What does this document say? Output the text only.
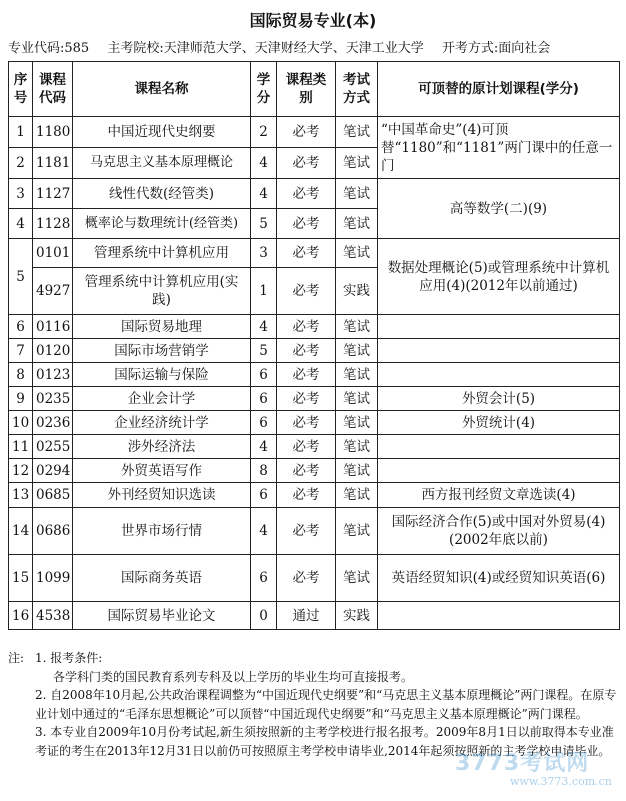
国际贸易专业(本)
专业代码:585 主考院校:天津师范大学、天津财经大学、天津工业大学 开考方式:面向社会
序号	课程代码	课程名称	学分	课程类别	考试方式	可顶替的原计划课程(学分)
1	1180	中国近现代史纲要	2	必考	笔试	“中国革命史”(4)可顶替“1180”和“1181”两门课中的任意一门
2	1181	马克思主义基本原理概论	4	必考	笔试	
3	1127	线性代数(经管类)	4	必考	笔试	高等数学(二)(9)
4	1128	概率论与数理统计(经管类)	5	必考	笔试	
5	0101	管理系统中计算机应用	3	必考	笔试	数据处理概论(5)或管理系统中计算机应用(4)(2012年以前通过)
	4927	管理系统中计算机应用(实践)	1	必考	实践	
6	0116	国际贸易地理	4	必考	笔试	
7	0120	国际市场营销学	5	必考	笔试	
8	0123	国际运输与保险	6	必考	笔试	
9	0235	企业会计学	6	必考	笔试	外贸会计(5)
10	0236	企业经济统计学	6	必考	笔试	外贸统计(4)
11	0255	涉外经济法	4	必考	笔试	
12	0294	外贸英语写作	8	必考	笔试	
13	0685	外刊经贸知识选读	6	必考	笔试	西方报刊经贸文章选读(4)
14	0686	世界市场行情	4	必考	笔试	国际经济合作(5)或中国对外贸易(4)(2002年底以前)
15	1099	国际商务英语	6	必考	笔试	英语经贸知识(4)或经贸知识英语(6)
16	4538	国际贸易毕业论文	0	通过	实践	
注: 1. 报考条件:
各学科门类的国民教育系列专科及以上学历的毕业生均可直接报考。
2. 自2008年10月起,公共政治课程调整为“中国近现代史纲要”和“马克思主义基本原理概论”两门课程。在原专业计划中通过的“毛泽东思想概论”可以顶替“中国近现代史纲要”和“马克思主义基本原理概论”两门课程。
3. 本专业自2009年10月份考试起,新生须按照新的主考学校进行报名报考。2009年8月1日以前取得本专业准考证的考生在2013年12月31日以前仍可按照原主考学校申请毕业,2014年起须按照新的主考学校申请毕业。
3773考试网
www.3773.com.cn
